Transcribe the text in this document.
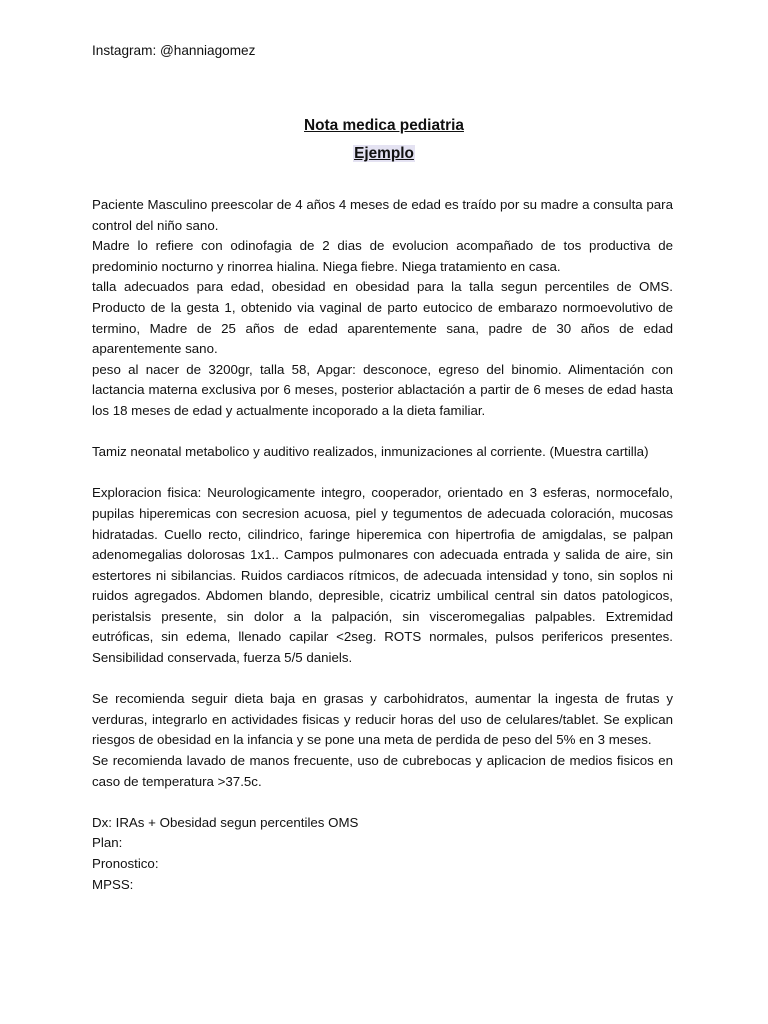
Instagram: @hanniagomez
Nota medica pediatria
Ejemplo

Paciente Masculino preescolar de 4 años 4 meses de edad es traído por su madre a consulta para control del niño sano.

Madre lo refiere con odinofagia de 2 dias de evolucion acompañado de tos productiva de predominio nocturno y rinorrea hialina. Niega fiebre. Niega tratamiento en casa.

talla adecuados para edad, obesidad en obesidad para la talla segun percentiles de OMS. Producto de la gesta 1, obtenido via vaginal de parto eutocico de embarazo normoevolutivo de termino, Madre de 25 años de edad aparentemente sana, padre de 30 años de edad aparentemente sano.

peso al nacer de 3200gr, talla 58, Apgar: desconoce, egreso del binomio. Alimentación con lactancia materna exclusiva por 6 meses, posterior ablactación a partir de 6 meses de edad hasta los 18 meses de edad y actualmente incoporado a la dieta familiar.

Tamiz neonatal metabolico y auditivo realizados, inmunizaciones al corriente. (Muestra cartilla)

Exploracion fisica: Neurologicamente integro, cooperador, orientado en 3 esferas, normocefalo, pupilas hiperemicas con secresion acuosa, piel y tegumentos de adecuada coloración, mucosas hidratadas. Cuello recto, cilindrico, faringe hiperemica con hipertrofia de amigdalas, se palpan adenomegalias dolorosas 1x1.. Campos pulmonares con adecuada entrada y salida de aire, sin estertores ni sibilancias. Ruidos cardiacos rítmicos, de adecuada intensidad y tono, sin soplos ni ruidos agregados. Abdomen blando, depresible, cicatriz umbilical central sin datos patologicos, peristalsis presente, sin dolor a la palpación, sin visceromegalias palpables. Extremidad eutróficas, sin edema, llenado capilar <2seg. ROTS normales, pulsos perifericos presentes. Sensibilidad conservada, fuerza 5/5 daniels.

Se recomienda seguir dieta baja en grasas y carbohidratos, aumentar la ingesta de frutas y verduras, integrarlo en actividades fisicas y reducir horas del uso de celulares/tablet. Se explican riesgos de obesidad en la infancia y se pone una meta de perdida de peso del 5% en 3 meses.

Se recomienda lavado de manos frecuente, uso de cubrebocas y aplicacion de medios fisicos en caso de temperatura >37.5c.

Dx: IRAs + Obesidad segun percentiles OMS

Plan:

Pronostico:

MPSS:
